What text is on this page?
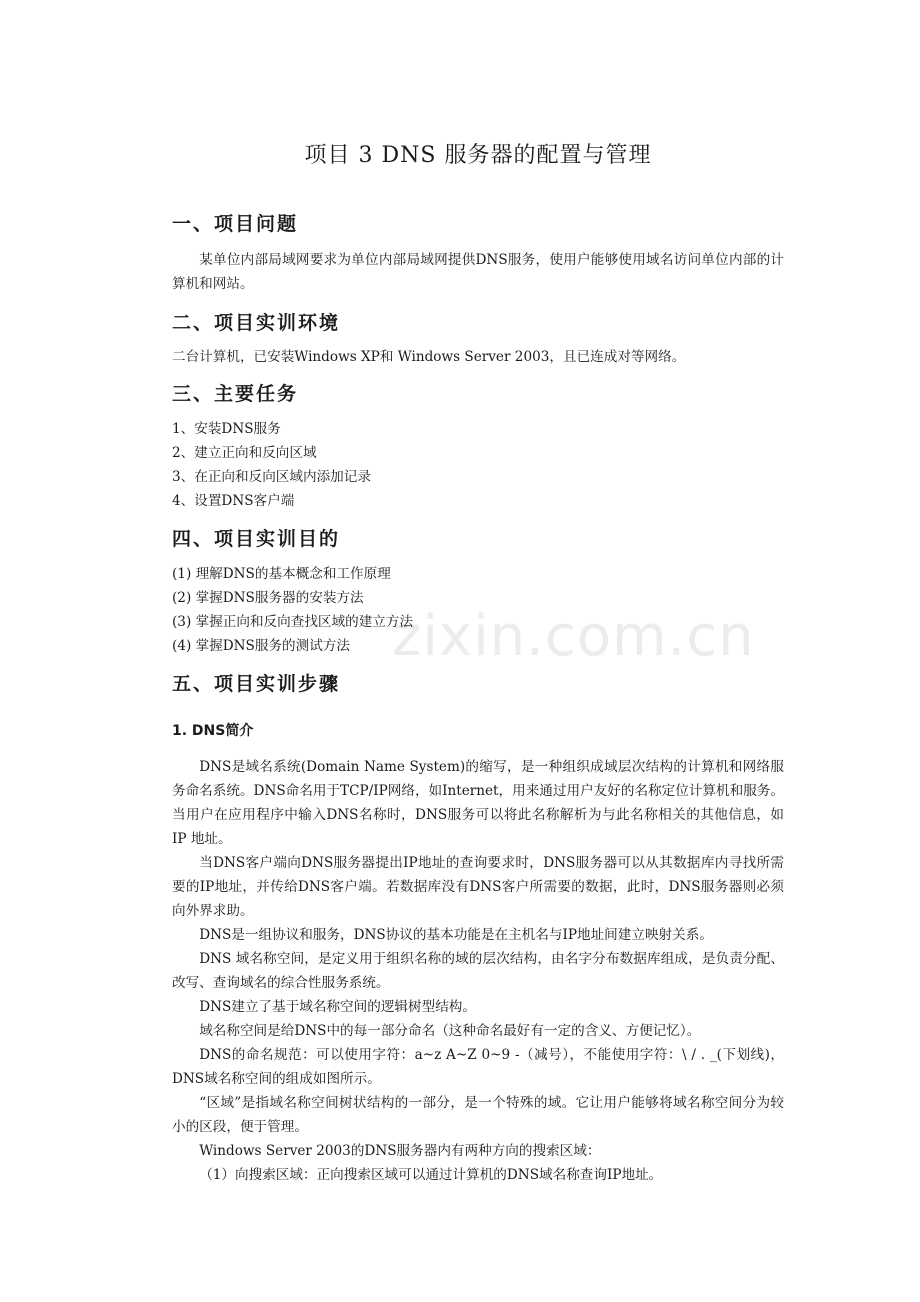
zixin.com.cn
项目 3 DNS 服务器的配置与管理
一、项目问题
某单位内部局域网要求为单位内部局域网提供DNS服务，使用户能够使用域名访问单位内部的计算机和网站。
二、项目实训环境
二台计算机，已安装Windows XP和 Windows Server 2003，且已连成对等网络。
三、主要任务
1、安装DNS服务
2、建立正向和反向区域
3、在正向和反向区域内添加记录
4、设置DNS客户端
四、项目实训目的
(1) 理解DNS的基本概念和工作原理
(2) 掌握DNS服务器的安装方法
(3) 掌握正向和反向查找区域的建立方法
(4) 掌握DNS服务的测试方法
五、项目实训步骤
1. DNS简介
DNS是域名系统(Domain Name System)的缩写，是一种组织成域层次结构的计算机和网络服务命名系统。DNS命名用于TCP/IP网络，如Internet，用来通过用户友好的名称定位计算机和服务。当用户在应用程序中输入DNS名称时，DNS服务可以将此名称解析为与此名称相关的其他信息，如 IP 地址。
当DNS客户端向DNS服务器提出IP地址的查询要求时，DNS服务器可以从其数据库内寻找所需要的IP地址，并传给DNS客户端。若数据库没有DNS客户所需要的数据，此时，DNS服务器则必须向外界求助。
DNS是一组协议和服务，DNS协议的基本功能是在主机名与IP地址间建立映射关系。
DNS 域名称空间，是定义用于组织名称的域的层次结构，由名字分布数据库组成，是负责分配、改写、查询域名的综合性服务系统。
DNS建立了基于域名称空间的逻辑树型结构。
域名称空间是给DNS中的每一部分命名（这种命名最好有一定的含义、方便记忆）。
DNS的命名规范：可以使用字符：a~z A~Z 0~9 -（减号），不能使用字符：\ / . _(下划线)，DNS域名称空间的组成如图所示。
“区域”是指域名称空间树状结构的一部分，是一个特殊的域。它让用户能够将域名称空间分为较小的区段，便于管理。
Windows Server 2003的DNS服务器内有两种方向的搜索区域：
（1）向搜索区域：正向搜索区域可以通过计算机的DNS域名称查询IP地址。
